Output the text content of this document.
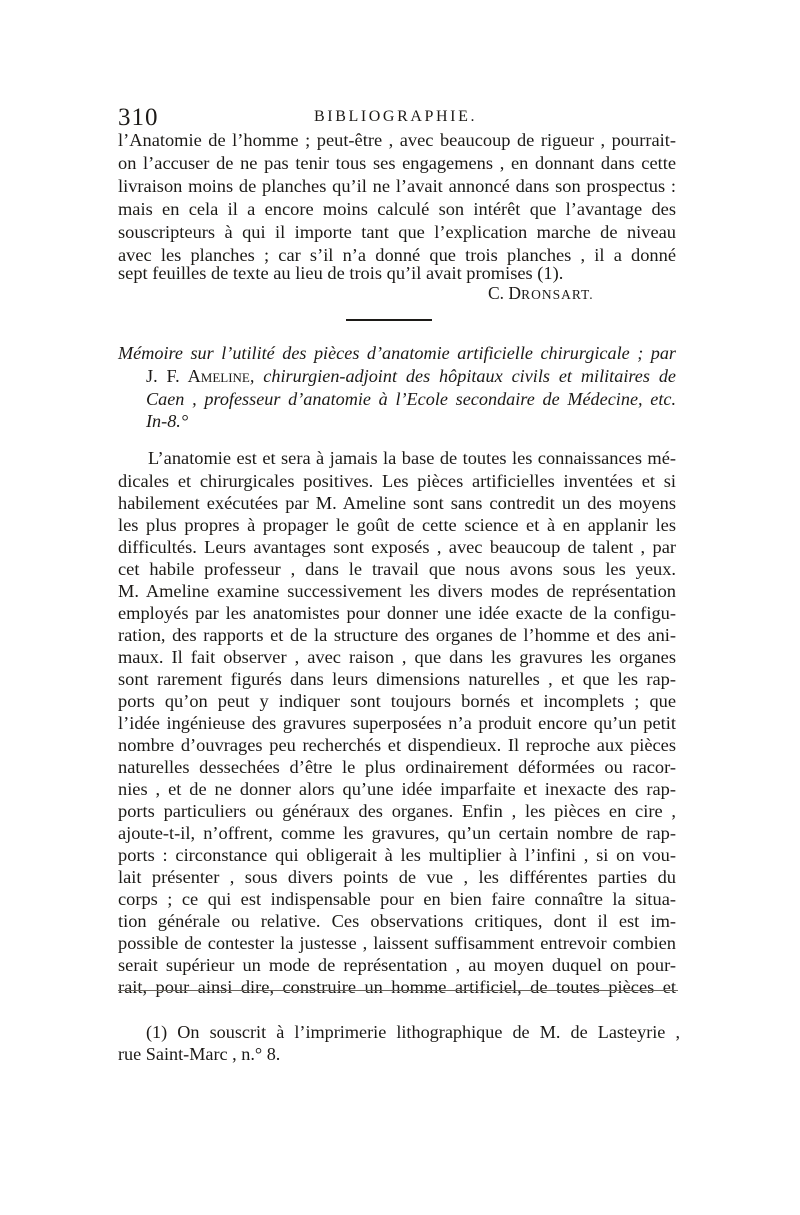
310	BIBLIOGRAPHIE.
l’Anatomie de l’homme ; peut-être , avec beaucoup de rigueur , pourrait-
on l’accuser de ne pas tenir tous ses engagemens , en donnant dans cette
livraison moins de planches qu’il ne l’avait annoncé dans son prospectus :
mais en cela il a encore moins calculé son intérêt que l’avantage des
souscripteurs à qui il importe tant que l’explication marche de niveau
avec les planches ; car s’il n’a donné que trois planches , il a donné
sept feuilles de texte au lieu de trois qu’il avait promises (1).
C. DRONSART.
Mémoire sur l’utilité des pièces d’anatomie artificielle chirurgicale ; par
J. F. Ameline, chirurgien-adjoint des hôpitaux civils et militaires de
Caen , professeur d’anatomie à l’Ecole secondaire de Médecine, etc.
In-8.°
L’anatomie est et sera à jamais la base de toutes les connaissances mé-
dicales et chirurgicales positives. Les pièces artificielles inventées et si
habilement exécutées par M. Ameline sont sans contredit un des moyens
les plus propres à propager le goût de cette science et à en applanir les
difficultés. Leurs avantages sont exposés , avec beaucoup de talent , par
cet habile professeur , dans le travail que nous avons sous les yeux.
M. Ameline examine successivement les divers modes de représentation
employés par les anatomistes pour donner une idée exacte de la configu-
ration, des rapports et de la structure des organes de l’homme et des ani-
maux. Il fait observer , avec raison , que dans les gravures les organes
sont rarement figurés dans leurs dimensions naturelles , et que les rap-
ports qu’on peut y indiquer sont toujours bornés et incomplets ; que
l’idée ingénieuse des gravures superposées n’a produit encore qu’un petit
nombre d’ouvrages peu recherchés et dispendieux. Il reproche aux pièces
naturelles dessechées d’être le plus ordinairement déformées ou racor-
nies , et de ne donner alors qu’une idée imparfaite et inexacte des rap-
ports particuliers ou généraux des organes. Enfin , les pièces en cire ,
ajoute-t-il, n’offrent, comme les gravures, qu’un certain nombre de rap-
ports : circonstance qui obligerait à les multiplier à l’infini , si on vou-
lait présenter , sous divers points de vue , les différentes parties du
corps ; ce qui est indispensable pour en bien faire connaître la situa-
tion générale ou relative. Ces observations critiques, dont il est im-
possible de contester la justesse , laissent suffisamment entrevoir combien
serait supérieur un mode de représentation , au moyen duquel on pour-
rait, pour ainsi dire, construire un homme artificiel, de toutes pièces et
(1) On souscrit à l’imprimerie lithographique de M. de Lasteyrie ,
rue Saint-Marc , n.° 8.
